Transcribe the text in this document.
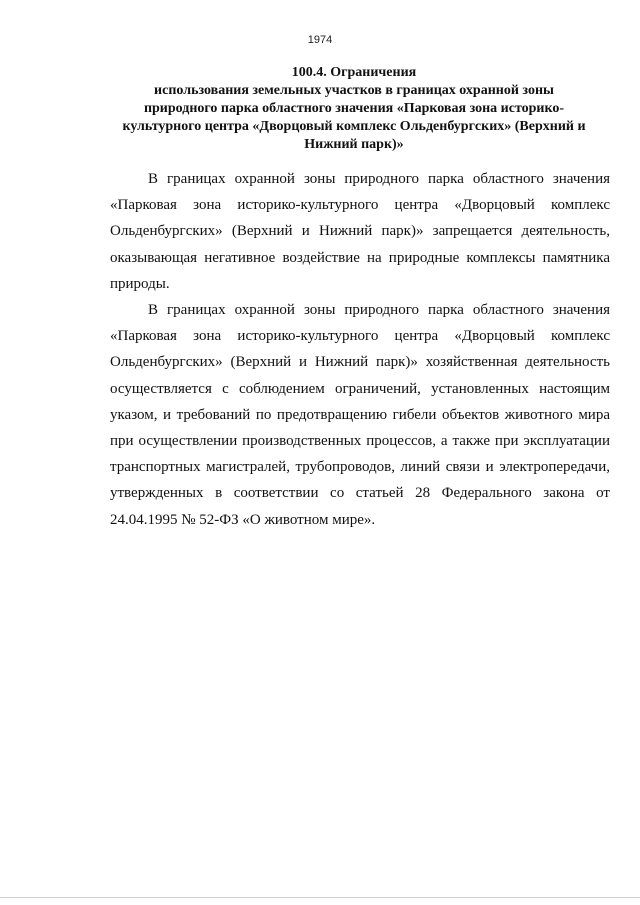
1974
100.4. Ограничения
использования земельных участков в границах охранной зоны
природного парка областного значения «Парковая зона историко-
культурного центра «Дворцовый комплекс Ольденбургских» (Верхний и
Нижний парк)»

В границах охранной зоны природного парка областного значения
«Парковая зона историко-культурного центра «Дворцовый комплекс
Ольденбургских» (Верхний и Нижний парк)» запрещается деятельность,
оказывающая негативное воздействие на природные комплексы памятника
природы.

В границах охранной зоны природного парка областного значения
«Парковая зона историко-культурного центра «Дворцовый комплекс
Ольденбургских» (Верхний и Нижний парк)» хозяйственная деятельность
осуществляется с соблюдением ограничений, установленных настоящим
указом, и требований по предотвращению гибели объектов животного мира
при осуществлении производственных процессов, а также при эксплуатации
транспортных магистралей, трубопроводов, линий связи и электропередачи,
утвержденных в соответствии со статьей 28 Федерального закона от
24.04.1995 № 52-ФЗ «О животном мире».
